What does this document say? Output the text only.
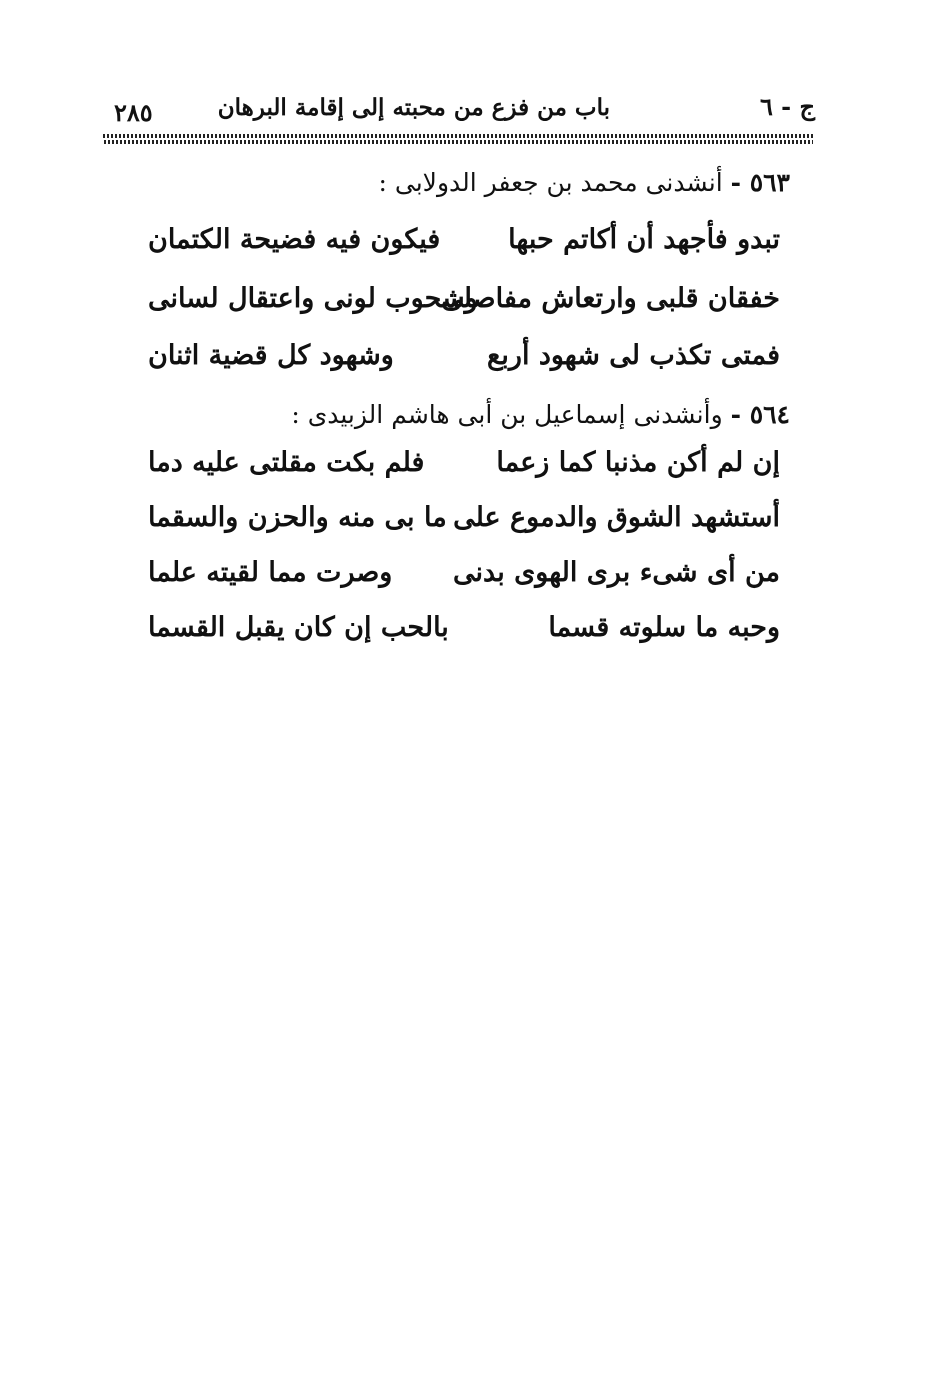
ج - ٦
باب من فزع من محبته إلى إقامة البرهان
٢٨٥
٥٦٣ - أنشدنى محمد بن جعفر الدولابى :
تبدو فأجهد أن أكاتم حبها
فيكون فيه فضيحة الكتمان
خفقان قلبى وارتعاش مفاصلى
وشحوب لونى واعتقال لسانى
فمتى تكذب لى شهود أربع
وشهود كل قضية اثنان
٥٦٤ - وأنشدنى إسماعيل بن أبى هاشم الزبيدى :
إن لم أكن مذنبا كما زعما
فلم بكت مقلتى عليه دما
أستشهد الشوق والدموع على
ما بى منه والحزن والسقما
من أى شىء برى الهوى بدنى
وصرت مما لقيته علما
وحبه ما سلوته قسما
بالحب إن كان يقبل القسما
